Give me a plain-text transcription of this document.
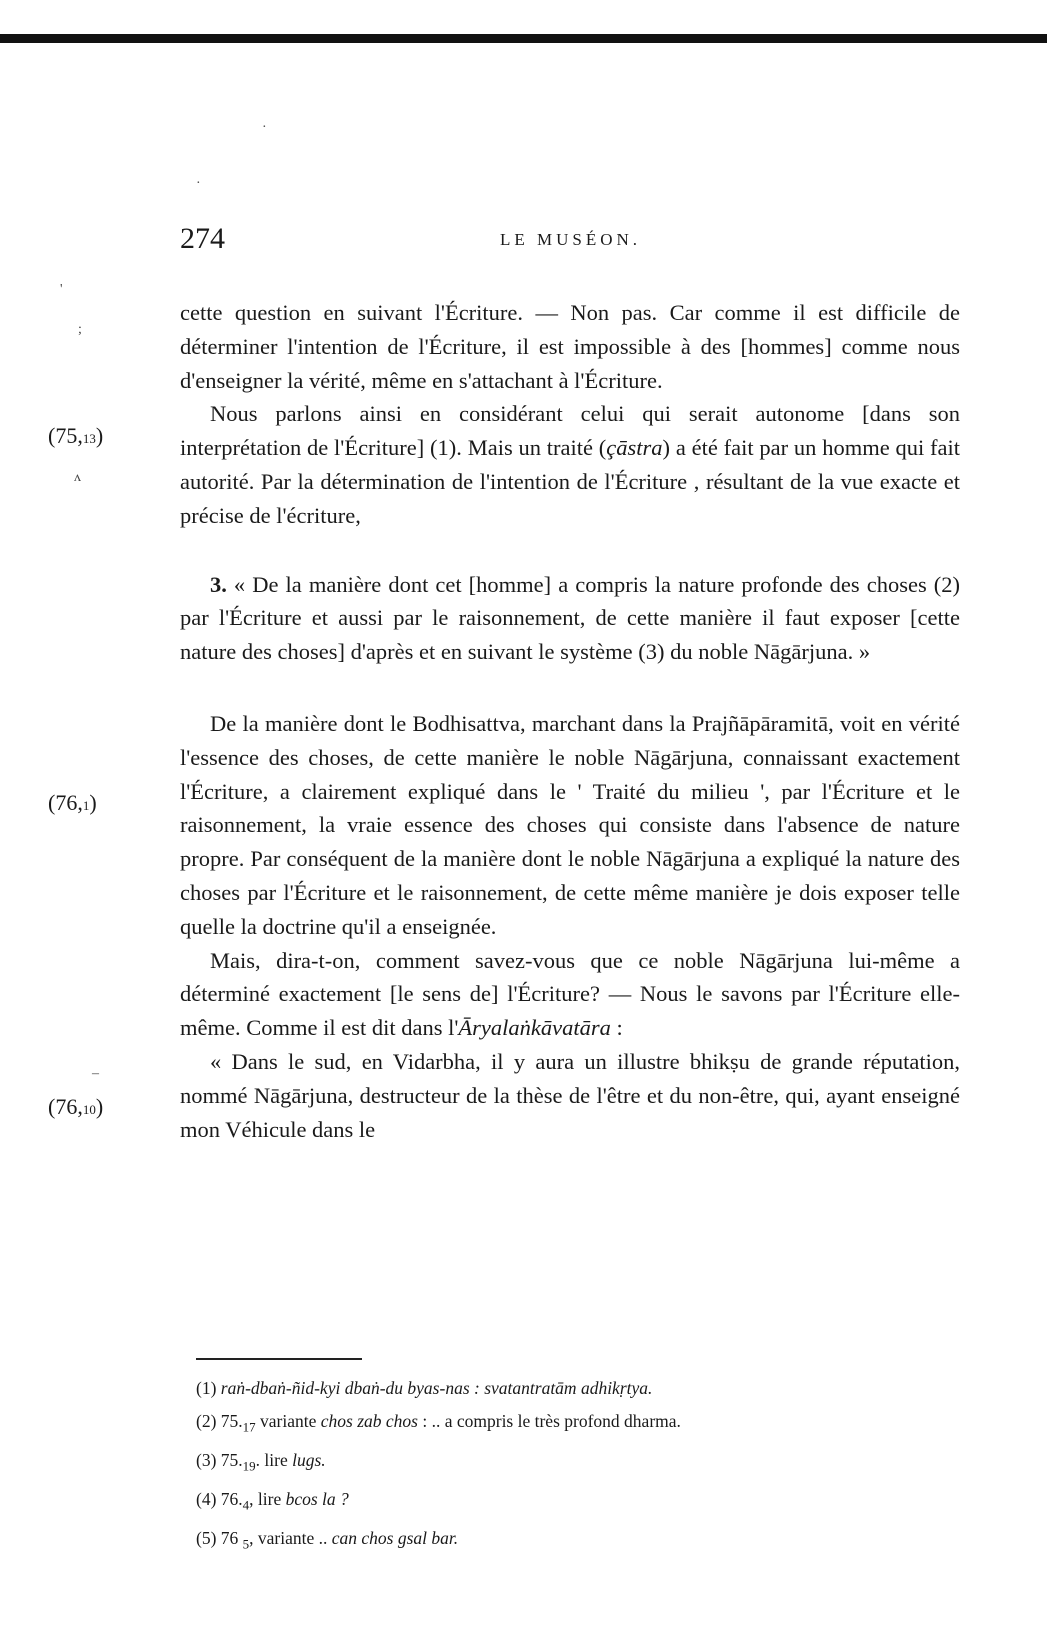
274	LE MUSÉON.
·
·
'
;
ʌ
–
(75,13)
(76,1)
(76,10)

cette question en suivant l'Écriture. — Non pas. Car comme il est difficile de déterminer l'intention de l'Écriture, il est impossible à des [hommes] comme nous d'enseigner la vérité, même en s'attachant à l'Écriture.

Nous parlons ainsi en considérant celui qui serait autonome [dans son interprétation de l'Écriture] (1). Mais un traité (çāstra) a été fait par un homme qui fait autorité. Par la détermination de l'intention de l'Écriture , résultant de la vue exacte et précise de l'écriture,

3. « De la manière dont cet [homme] a compris la nature profonde des choses (2) par l'Écriture et aussi par le raisonnement, de cette manière il faut exposer [cette nature des choses] d'après et en suivant le système (3) du noble Nāgārjuna. »

De la manière dont le Bodhisattva, marchant dans la Prajñāpāramitā, voit en vérité l'essence des choses, de cette manière le noble Nāgārjuna, connaissant exactement l'Écriture, a clairement expliqué dans le ' Traité du milieu ', par l'Écriture et le raisonnement, la vraie essence des choses qui consiste dans l'absence de nature propre. Par conséquent de la manière dont le noble Nāgārjuna a expliqué la nature des choses par l'Écriture et le raisonnement, de cette même manière je dois exposer telle quelle la doctrine qu'il a enseignée.

Mais, dira-t-on, comment savez-vous que ce noble Nāgārjuna lui-même a déterminé exactement [le sens de] l'Écriture? — Nous le savons par l'Écriture elle-même. Comme il est dit dans l'Āryalaṅkāvatāra :

« Dans le sud, en Vidarbha, il y aura un illustre bhikṣu de grande réputation, nommé Nāgārjuna, destructeur de la thèse de l'être et du non-être, qui, ayant enseigné mon Véhicule dans le

(1) raṅ-dbaṅ-ñid-kyi dbaṅ-du byas-nas : svatantratām adhikṛtya.

(2) $75._{17}$ variante chos zab chos : .. a compris le très profond dharma.

(3) $75._{19}$. lire lugs.

(4) $76._4$, lire bcos la ?

(5) 76 $_5$, variante .. can chos gsal bar.
